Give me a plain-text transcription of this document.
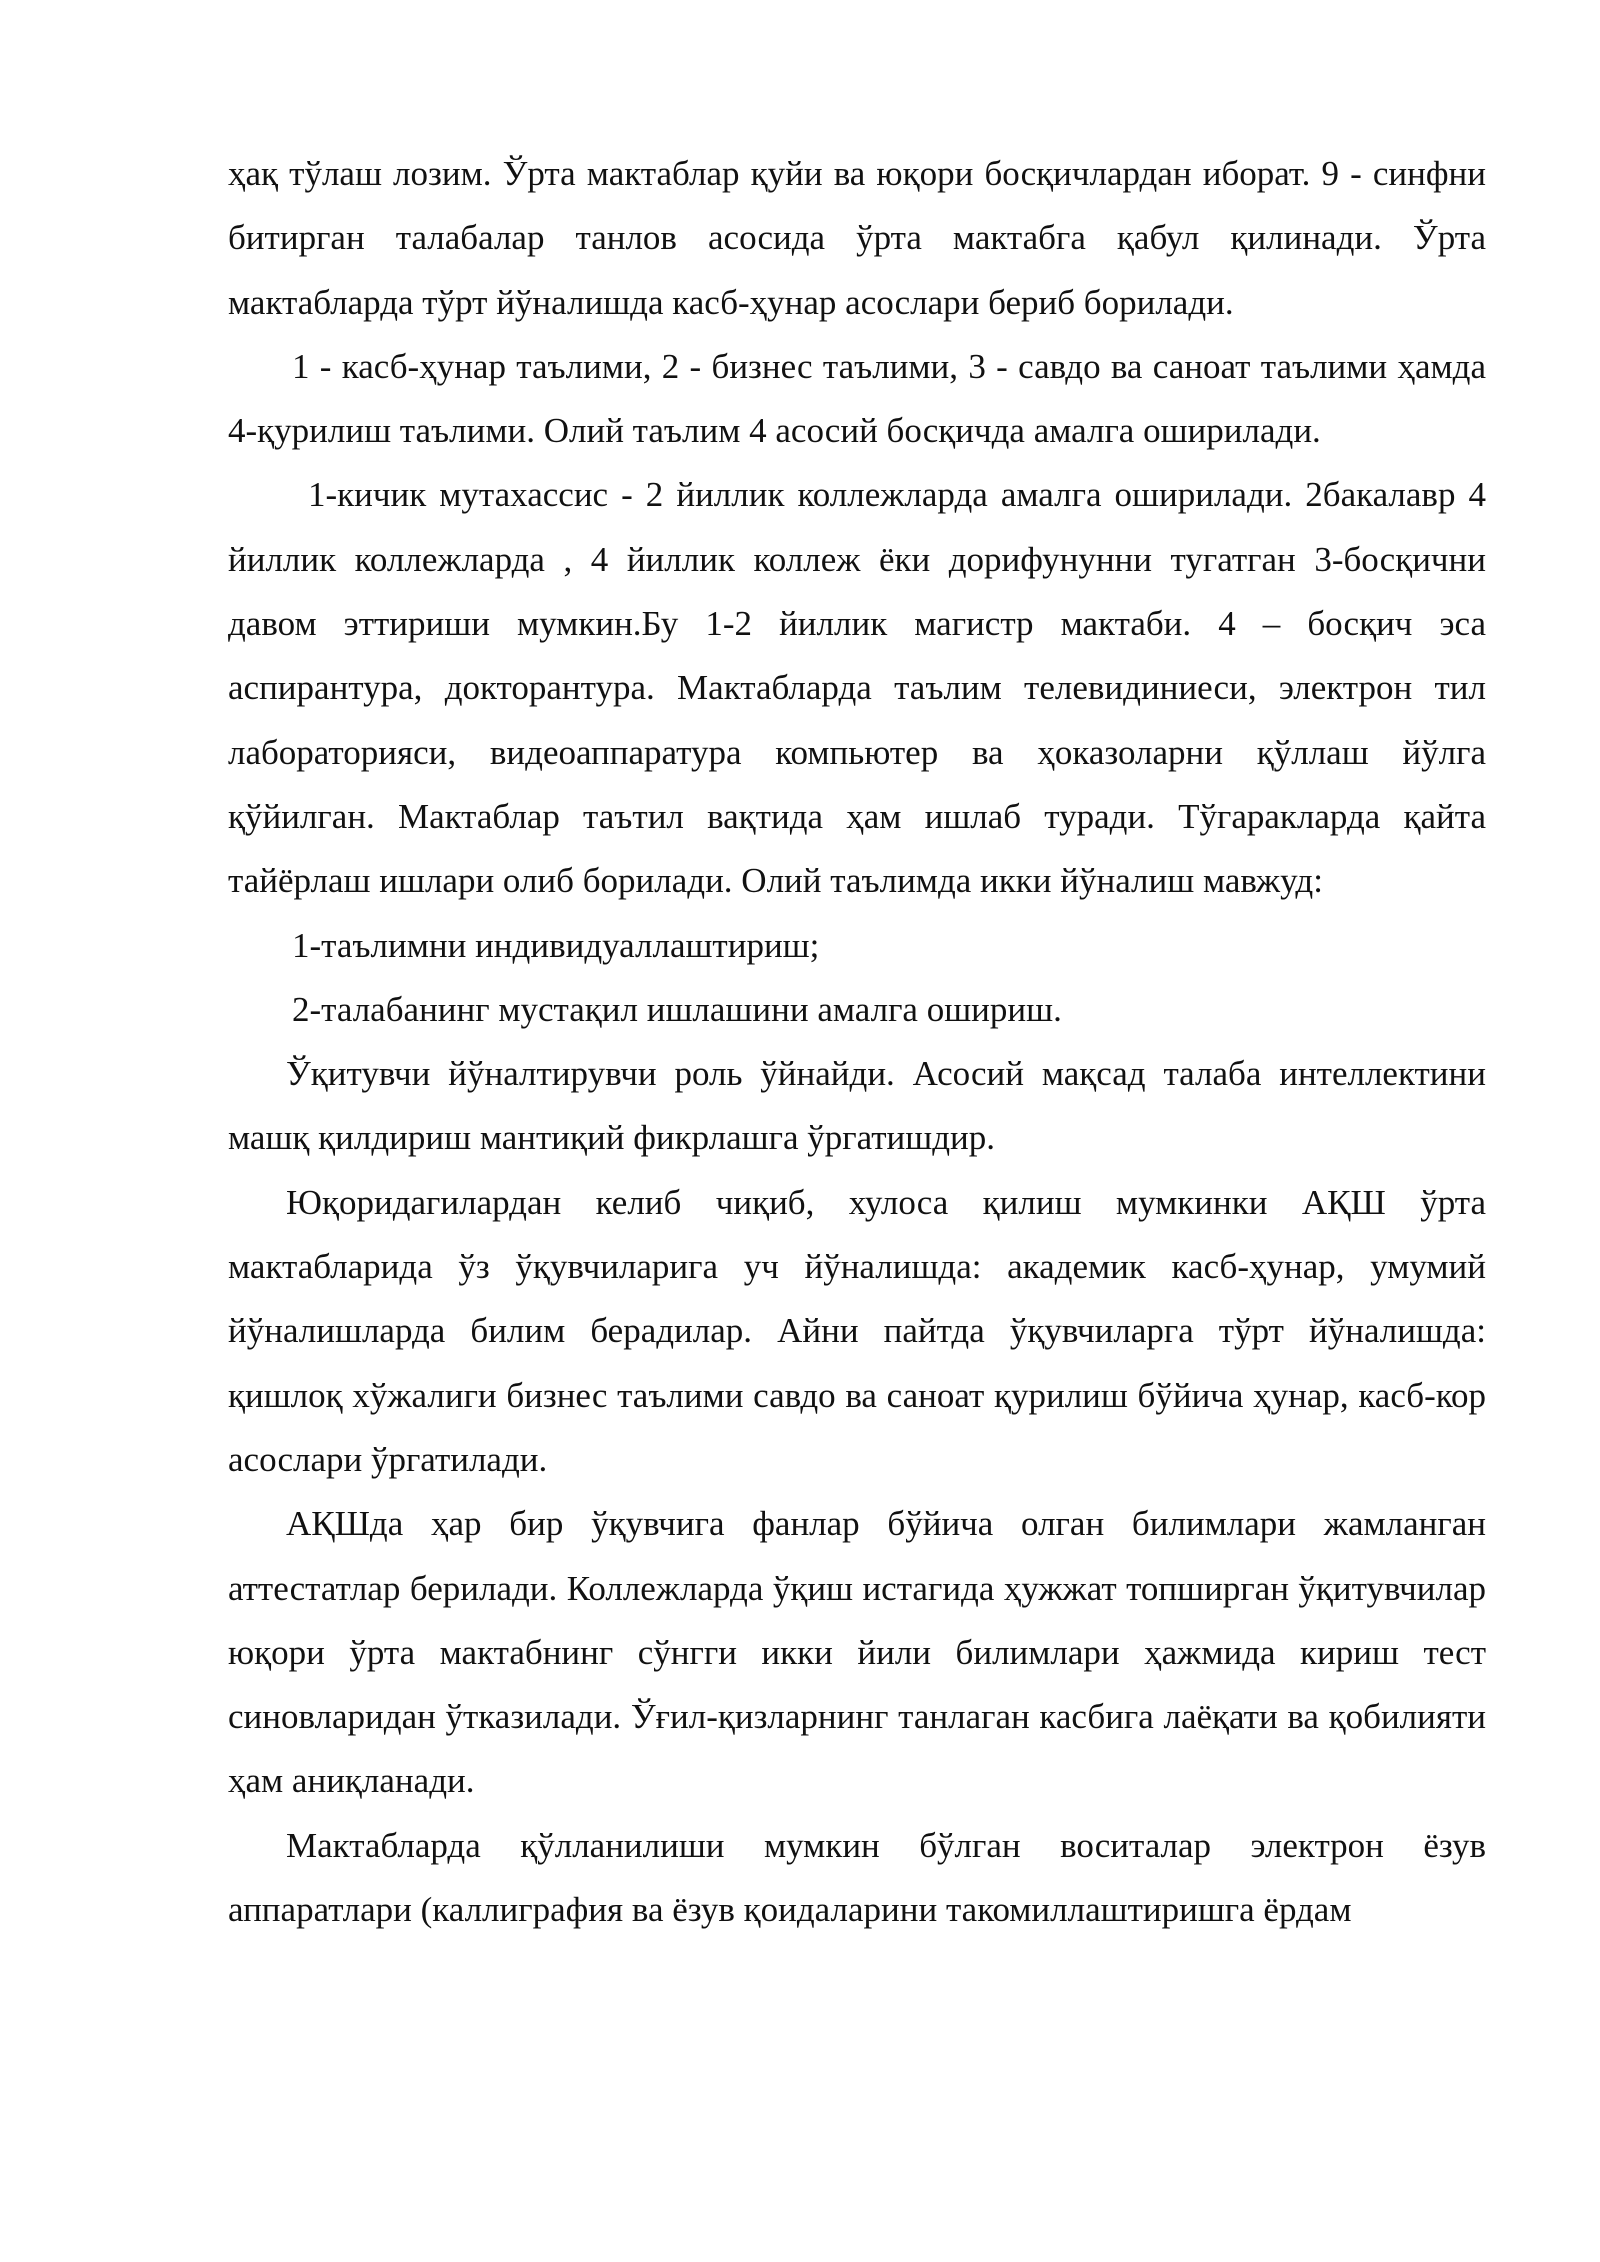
ҳақ тўлаш лозим. Ўрта мактаблар қуйи ва юқори босқичлардан иборат. 9 - синфни битирган талабалар танлов асосида ўрта мактабга қабул қилинади. Ўрта мактабларда тўрт йўналишда касб-ҳунар асослари бериб борилади.

1 - касб-ҳунар таълими, 2 - бизнес таълими, 3 - савдо ва саноат таълими ҳамда 4-қурилиш таълими. Олий таълим 4 асосий босқичда амалга оширилади.

1-кичик мутахассис - 2 йиллик коллежларда амалга оширилади. 2бакалавр 4 йиллик коллежларда , 4 йиллик коллеж ёки дорифунунни тугатган 3-босқични давом эттириши мумкин.Бу 1-2 йиллик магистр мактаби. 4 – босқич эса аспирантура, докторантура. Мактабларда таълим телевидиниеси, электрон тил лабораторияси, видеоаппаратура компьютер ва ҳоказоларни қўллаш йўлга қўйилган. Мактаблар таътил вақтида ҳам ишлаб туради. Тўгаракларда қайта тайёрлаш ишлари олиб борилади. Олий таълимда икки йўналиш мавжуд:

1-таълимни индивидуаллаштириш;

2-талабанинг мустақил ишлашини амалга ошириш.

Ўқитувчи йўналтирувчи роль ўйнайди. Асосий мақсад талаба интеллектини машқ қилдириш мантиқий фикрлашга ўргатишдир.

Юқоридагилардан келиб чиқиб, хулоса қилиш мумкинки АҚШ ўрта мактабларида ўз ўқувчиларига уч йўналишда: академик касб-ҳунар, умумий йўналишларда билим берадилар. Айни пайтда ўқувчиларга тўрт йўналишда: қишлоқ хўжалиги бизнес таълими савдо ва саноат қурилиш бўйича ҳунар, касб-кор асослари ўргатилади.

АҚШда ҳар бир ўқувчига фанлар бўйича олган билимлари жамланган аттестатлар берилади. Коллежларда ўқиш истагида ҳужжат топширган ўқитувчилар юқори ўрта мактабнинг сўнгги икки йили билимлари ҳажмида кириш тест синовларидан ўтказилади. Ўғил-қизларнинг танлаган касбига лаёқати ва қобилияти ҳам аниқланади.

Мактабларда қўлланилиши мумкин бўлган воситалар электрон ёзув аппаратлари (каллиграфия ва ёзув қоидаларини такомиллаштиришга ёрдам
